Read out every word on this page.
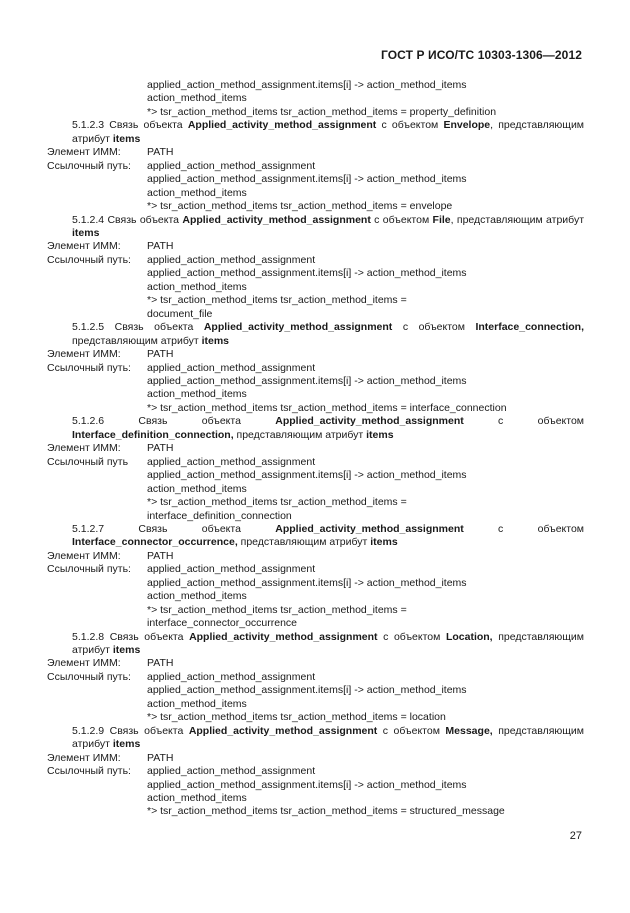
ГОСТ Р ИСО/ТС 10303-1306—2012
applied_action_method_assignment.items[i] -> action_method_items
action_method_items
*> tsr_action_method_items tsr_action_method_items = property_definition
5.1.2.3 Связь объекта Applied_activity_method_assignment с объектом Envelope, представляющим атрибут items
Элемент ИММ:	PATH
Ссылочный путь:	applied_action_method_assignment
applied_action_method_assignment.items[i] -> action_method_items
action_method_items
*> tsr_action_method_items tsr_action_method_items = envelope
5.1.2.4 Связь объекта Applied_activity_method_assignment с объектом File, представляющим атрибут items
Элемент ИММ:	PATH
Ссылочный путь:	applied_action_method_assignment
applied_action_method_assignment.items[i] -> action_method_items
action_method_items
*> tsr_action_method_items tsr_action_method_items =
document_file
5.1.2.5 Связь объекта Applied_activity_method_assignment с объектом Interface_connection, представляющим атрибут items
Элемент ИММ:	PATH
Ссылочный путь:	applied_action_method_assignment
applied_action_method_assignment.items[i] -> action_method_items
action_method_items
*> tsr_action_method_items tsr_action_method_items = interface_connection
5.1.2.6 Связь объекта Applied_activity_method_assignment с объектом Interface_definition_connection, представляющим атрибут items
Элемент ИММ:	PATH
Ссылочный путь	applied_action_method_assignment
applied_action_method_assignment.items[i] -> action_method_items
action_method_items
*> tsr_action_method_items tsr_action_method_items =
interface_definition_connection
5.1.2.7 Связь объекта Applied_activity_method_assignment с объектом Interface_connector_occurrence, представляющим атрибут items
Элемент ИММ:	PATH
Ссылочный путь:	applied_action_method_assignment
applied_action_method_assignment.items[i] -> action_method_items
action_method_items
*> tsr_action_method_items tsr_action_method_items =
interface_connector_occurrence
5.1.2.8 Связь объекта Applied_activity_method_assignment с объектом Location, представляющим атрибут items
Элемент ИММ:	PATH
Ссылочный путь:	applied_action_method_assignment
applied_action_method_assignment.items[i] -> action_method_items
action_method_items
*> tsr_action_method_items tsr_action_method_items = location
5.1.2.9 Связь объекта Applied_activity_method_assignment с объектом Message, представляющим атрибут items
Элемент ИММ:	PATH
Ссылочный путь:	applied_action_method_assignment
applied_action_method_assignment.items[i] -> action_method_items
action_method_items
*> tsr_action_method_items tsr_action_method_items = structured_message
27
